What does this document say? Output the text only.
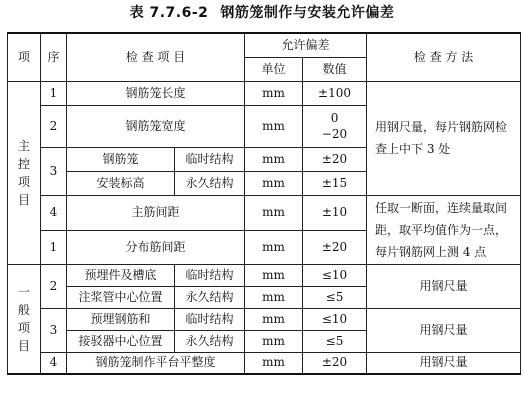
表 7.7.6-2 钢筋笼制作与安装允许偏差
项	序	检 查 项 目		允许偏差		检 查 方 法
				单位	数值	

主
控
项
目	1	钢筋笼长度		mm	±100	用钢尺量，每片钢筋网检查上中下 3 处
	2	钢筋笼宽度		mm	0
−20	

	3	钢筋笼	临时结构	mm	±20	
		安装标高	永久结构	mm	±15	
	4	主筋间距		mm	±10	任取一断面，连续量取间距，取平均值作为一点，每片钢筋网上测 4 点
	1	分布筋间距		mm	±20	

一
般
项
目	2	预埋件及槽底	临时结构	mm	≤10	用钢尺量
		注浆管中心位置	永久结构	mm	≤5	
	3	预埋钢筋和	临时结构	mm	≤10	用钢尺量
		接驳器中心位置	永久结构	mm	≤5	
	4	钢筋笼制作平台平整度		mm	±20	用钢尺量
